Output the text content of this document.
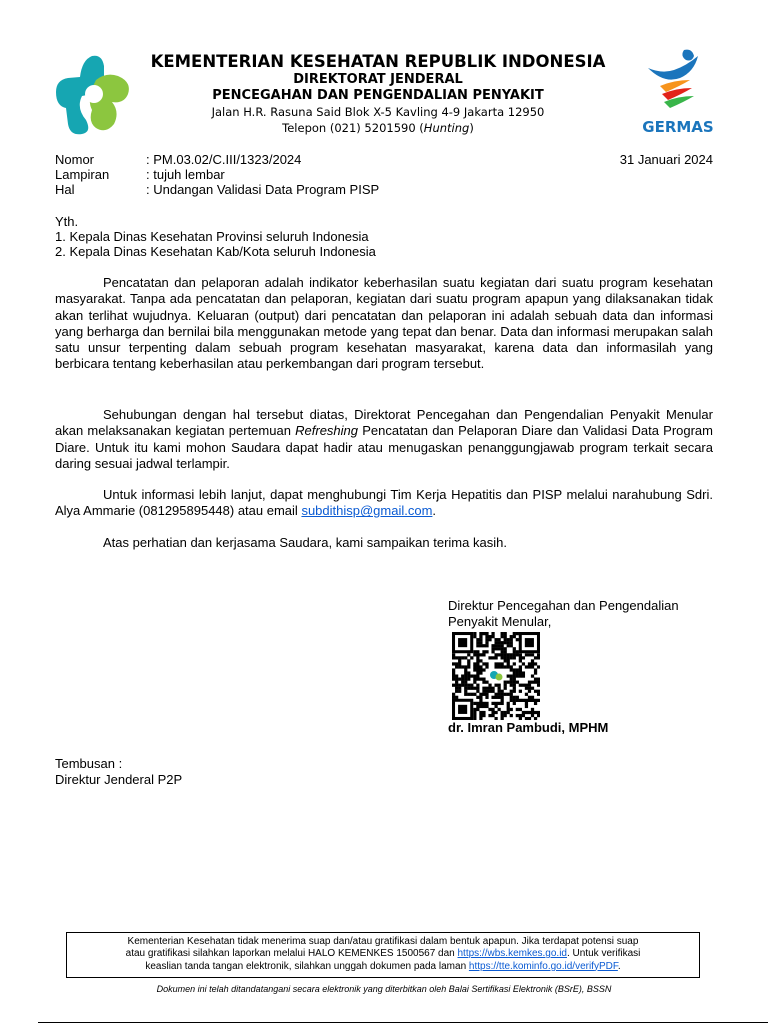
KEMENTERIAN KESEHATAN REPUBLIK INDONESIA
DIREKTORAT JENDERAL
PENCEGAHAN DAN PENGENDALIAN PENYAKIT
Jalan H.R. Rasuna Said Blok X-5 Kavling 4-9 Jakarta 12950
Telepon (021) 5201590 (Hunting)	GERMAS
Nomor	: PM.03.02/C.III/1323/2024
Lampiran	: tujuh lembar
Hal	: Undangan Validasi Data Program PISP
31 Januari 2024
Yth.
1. Kepala Dinas Kesehatan Provinsi seluruh Indonesia
2. Kepala Dinas Kesehatan Kab/Kota seluruh Indonesia
Pencatatan dan pelaporan adalah indikator keberhasilan suatu kegiatan dari suatu program kesehatan masyarakat. Tanpa ada pencatatan dan pelaporan, kegiatan dari suatu program apapun yang dilaksanakan tidak akan terlihat wujudnya. Keluaran (output) dari pencatatan dan pelaporan ini adalah sebuah data dan informasi yang berharga dan bernilai bila menggunakan metode yang tepat dan benar. Data dan informasi merupakan salah satu unsur terpenting dalam sebuah program kesehatan masyarakat, karena data dan informasilah yang berbicara tentang keberhasilan atau perkembangan dari program tersebut.
Sehubungan dengan hal tersebut diatas, Direktorat Pencegahan dan Pengendalian Penyakit Menular akan melaksanakan kegiatan pertemuan Refreshing Pencatatan dan Pelaporan Diare dan Validasi Data Program Diare. Untuk itu kami mohon Saudara dapat hadir atau menugaskan penanggungjawab program terkait secara daring sesuai jadwal terlampir.
Untuk informasi lebih lanjut, dapat menghubungi Tim Kerja Hepatitis dan PISP melalui narahubung Sdri. Alya Ammarie (081295895448) atau email subdithisp@gmail.com.
Atas perhatian dan kerjasama Saudara, kami sampaikan terima kasih.
Direktur Pencegahan dan Pengendalian
Penyakit Menular,
dr. Imran Pambudi, MPHM
Tembusan :
Direktur Jenderal P2P
Kementerian Kesehatan tidak menerima suap dan/atau gratifikasi dalam bentuk apapun. Jika terdapat potensi suap
atau gratifikasi silahkan laporkan melalui HALO KEMENKES 1500567 dan https://wbs.kemkes.go.id. Untuk verifikasi
keaslian tanda tangan elektronik, silahkan unggah dokumen pada laman https://tte.kominfo.go.id/verifyPDF.
Dokumen ini telah ditandatangani secara elektronik yang diterbitkan oleh Balai Sertifikasi Elektronik (BSrE), BSSN
